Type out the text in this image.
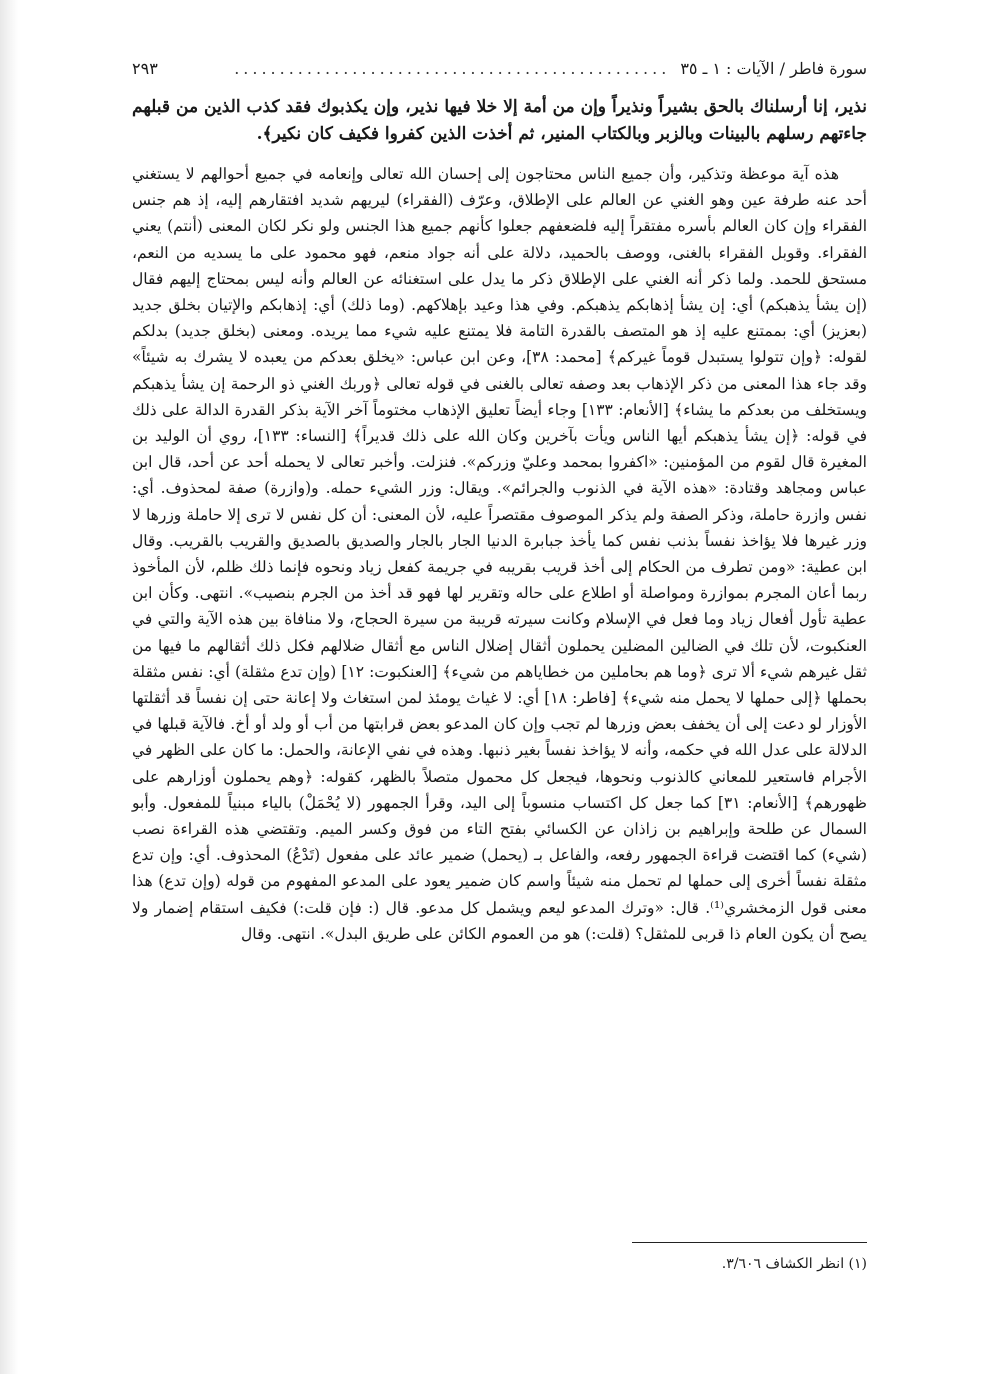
سورة فاطر / الآيات : ١ ـ ٣٥
................................................
٢٩٣
نذير، إنا أرسلناك بالحق بشيراً ونذيراً وإن من أمة إلا خلا فيها نذير، وإن يكذبوك فقد كذب الذين من قبلهم جاءتهم رسلهم بالبينات وبالزبر وبالكتاب المنير، ثم أخذت الذين كفروا فكيف كان نكير﴾.

هذه آية موعظة وتذكير، وأن جميع الناس محتاجون إلى إحسان الله تعالى وإنعامه في جميع أحوالهم لا يستغني أحد عنه طرفة عين وهو الغني عن العالم على الإطلاق، وعرّف (الفقراء) ليريهم شديد افتقارهم إليه، إذ هم جنس الفقراء وإن كان العالم بأسره مفتقراً إليه فلضعفهم جعلوا كأنهم جميع هذا الجنس ولو نكر لكان المعنى (أنتم) يعني الفقراء. وقوبل الفقراء بالغنى، ووصف بالحميد، دلالة على أنه جواد منعم، فهو محمود على ما يسديه من النعم، مستحق للحمد. ولما ذكر أنه الغني على الإطلاق ذكر ما يدل على استغنائه عن العالم وأنه ليس بمحتاج إليهم فقال (إن يشأ يذهبكم) أي: إن يشأ إذهابكم يذهبكم. وفي هذا وعيد بإهلاكهم. (وما ذلك) أي: إذهابكم والإتيان بخلق جديد (بعزيز) أي: بممتنع عليه إذ هو المتصف بالقدرة التامة فلا يمتنع عليه شيء مما يريده. ومعنى (بخلق جديد) بدلكم لقوله: ﴿وإن تتولوا يستبدل قوماً غيركم﴾ [محمد: ٣٨]، وعن ابن عباس: «يخلق بعدكم من يعبده لا يشرك به شيئاً» وقد جاء هذا المعنى من ذكر الإذهاب بعد وصفه تعالى بالغنى في قوله تعالى ﴿وربك الغني ذو الرحمة إن يشأ يذهبكم ويستخلف من بعدكم ما يشاء﴾ [الأنعام: ١٣٣] وجاء أيضاً تعليق الإذهاب مختوماً آخر الآية بذكر القدرة الدالة على ذلك في قوله: ﴿إن يشأ يذهبكم أيها الناس ويأت بآخرين وكان الله على ذلك قديراً﴾ [النساء: ١٣٣]، روي أن الوليد بن المغيرة قال لقوم من المؤمنين: «اكفروا بمحمد وعليّ وزركم». فنزلت. وأخبر تعالى لا يحمله أحد عن أحد، قال ابن عباس ومجاهد وقتادة: «هذه الآية في الذنوب والجرائم». ويقال: وزر الشيء حمله. و(وازرة) صفة لمحذوف. أي: نفس وازرة حاملة، وذكر الصفة ولم يذكر الموصوف مقتصراً عليه، لأن المعنى: أن كل نفس لا ترى إلا حاملة وزرها لا وزر غيرها فلا يؤاخذ نفساً بذنب نفس كما يأخذ جبابرة الدنيا الجار بالجار والصديق بالصديق والقريب بالقريب. وقال ابن عطية: «ومن تطرف من الحكام إلى أخذ قريب بقريبه في جريمة كفعل زياد ونحوه فإنما ذلك ظلم، لأن المأخوذ ربما أعان المجرم بموازرة ومواصلة أو اطلاع على حاله وتقرير لها فهو قد أخذ من الجرم بنصيب». انتهى. وكأن ابن عطية تأول أفعال زياد وما فعل في الإسلام وكانت سيرته قريبة من سيرة الحجاج، ولا منافاة بين هذه الآية والتي في العنكبوت، لأن تلك في الضالين المضلين يحملون أثقال إضلال الناس مع أثقال ضلالهم فكل ذلك أثقالهم ما فيها من ثقل غيرهم شيء ألا ترى ﴿وما هم بحاملين من خطاياهم من شيء﴾ [العنكبوت: ١٢] (وإن تدع مثقلة) أي: نفس مثقلة بحملها ﴿إلى حملها لا يحمل منه شيء﴾ [فاطر: ١٨] أي: لا غياث يومئذ لمن استغاث ولا إعانة حتى إن نفساً قد أثقلتها الأوزار لو دعت إلى أن يخفف بعض وزرها لم تجب وإن كان المدعو بعض قرابتها من أب أو ولد أو أخ. فالآية قبلها في الدلالة على عدل الله في حكمه، وأنه لا يؤاخذ نفساً بغير ذنبها. وهذه في نفي الإعانة، والحمل: ما كان على الظهر في الأجرام فاستعير للمعاني كالذنوب ونحوها، فيجعل كل محمول متصلاً بالظهر، كقوله: ﴿وهم يحملون أوزارهم على ظهورهم﴾ [الأنعام: ٣١] كما جعل كل اكتساب منسوباً إلى اليد، وقرأ الجمهور (لا يُحْمَلْ) بالياء مبنياً للمفعول. وأبو السمال عن طلحة وإبراهيم بن زاذان عن الكسائي بفتح التاء من فوق وكسر الميم. وتقتضي هذه القراءة نصب (شيء) كما اقتضت قراءة الجمهور رفعه، والفاعل بـ (يحمل) ضمير عائد على مفعول (تَدْعُ) المحذوف. أي: وإن تدع مثقلة نفساً أخرى إلى حملها لم تحمل منه شيئاً واسم كان ضمير يعود على المدعو المفهوم من قوله (وإن تدع) هذا معنى قول الزمخشري⁽¹⁾. قال: «وترك المدعو ليعم ويشمل كل مدعو. قال (: فإن قلت:) فكيف استقام إضمار ولا يصح أن يكون العام ذا قربى للمثقل؟ (قلت:) هو من العموم الكائن على طريق البدل». انتهى. وقال

(١) انظر الكشاف ٣/٦٠٦.
